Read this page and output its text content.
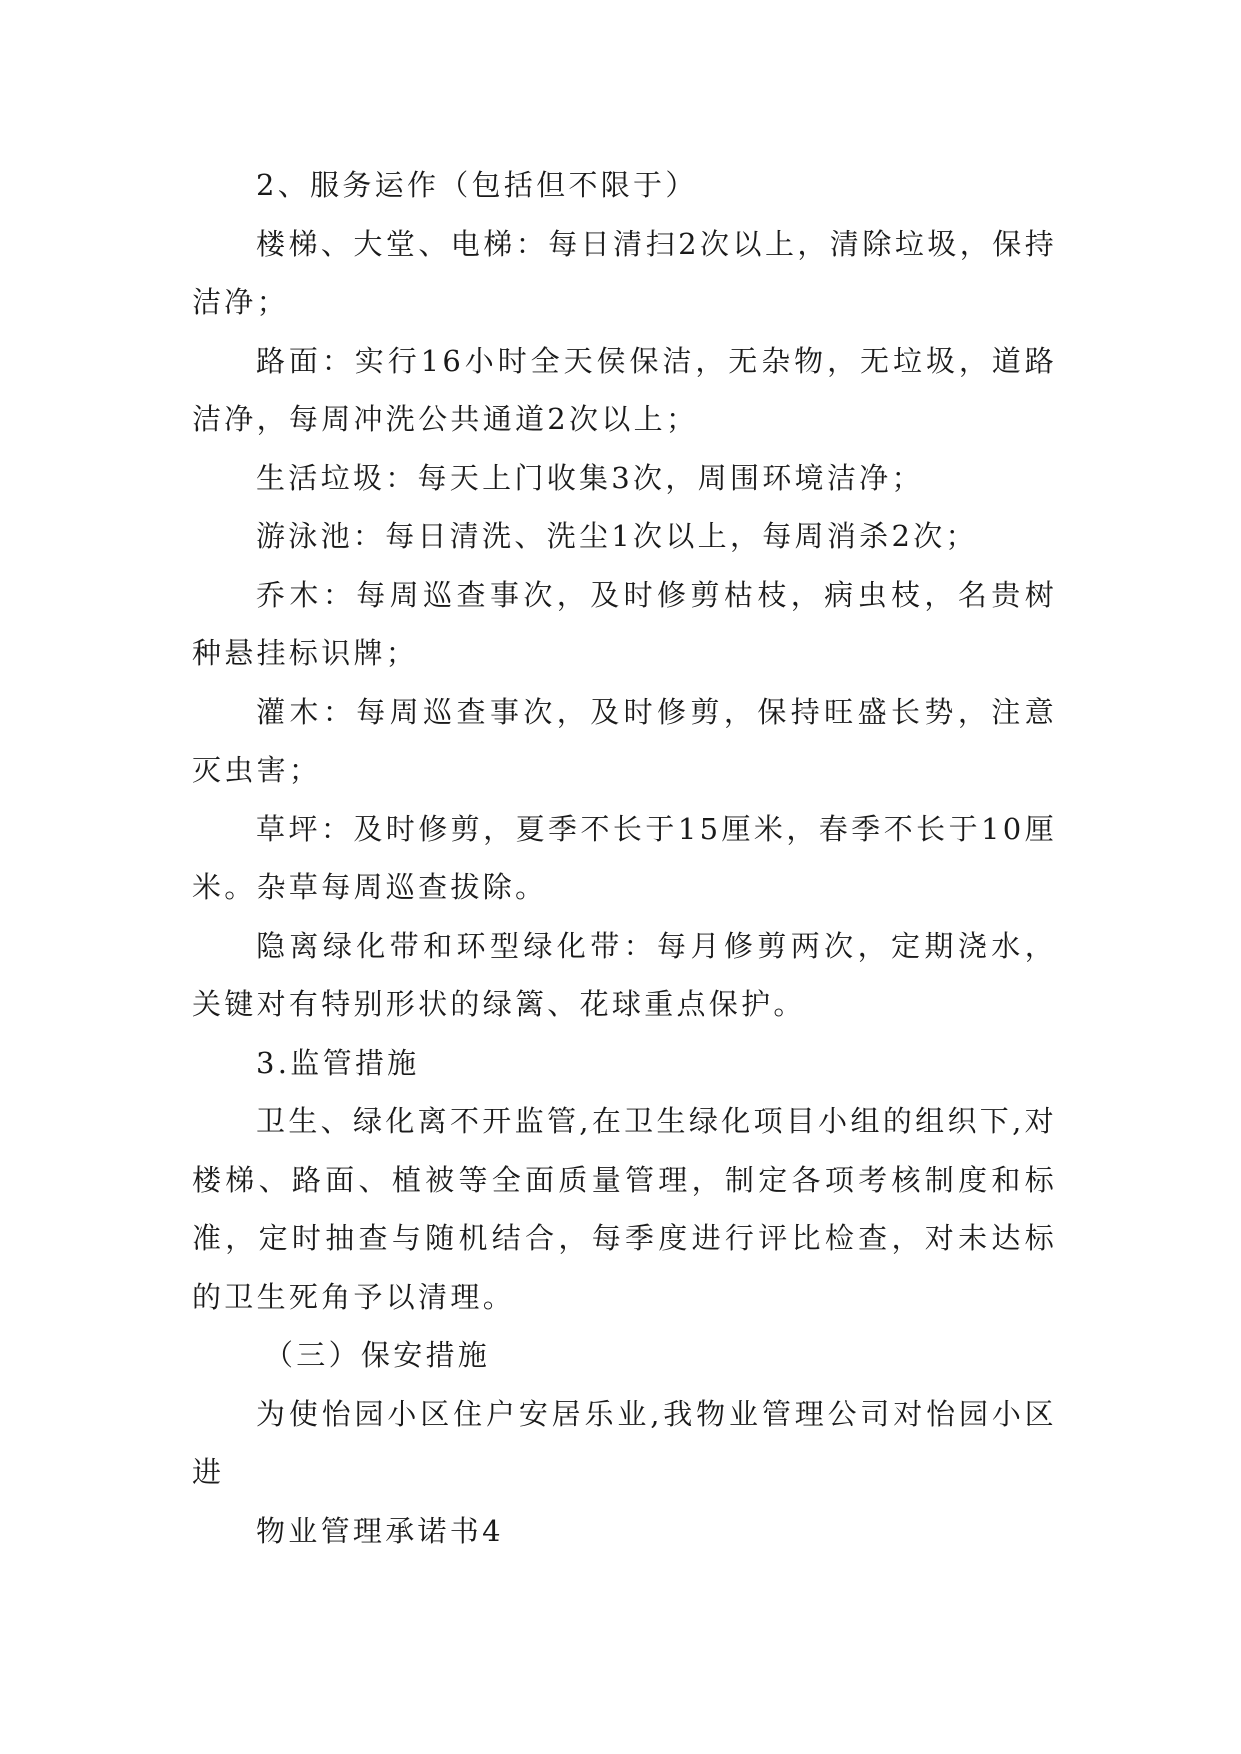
2、服务运作（包括但不限于）

楼梯、大堂、电梯：每日清扫2次以上，清除垃圾，保持洁净；

路面：实行16小时全天侯保洁，无杂物，无垃圾，道路洁净，每周冲洗公共通道2次以上；

生活垃圾：每天上门收集3次，周围环境洁净；

游泳池：每日清洗、洗尘1次以上，每周消杀2次；

乔木：每周巡查事次，及时修剪枯枝，病虫枝，名贵树种悬挂标识牌；

灌木：每周巡查事次，及时修剪，保持旺盛长势，注意灭虫害；

草坪：及时修剪，夏季不长于15厘米，春季不长于10厘米。杂草每周巡查拔除。

隐离绿化带和环型绿化带：每月修剪两次，定期浇水，关键对有特别形状的绿篱、花球重点保护。

3.监管措施

卫生、绿化离不开监管,在卫生绿化项目小组的组织下,对楼梯、路面、植被等全面质量管理，制定各项考核制度和标准，定时抽查与随机结合，每季度进行评比检查，对未达标的卫生死角予以清理。

（三）保安措施

为使怡园小区住户安居乐业,我物业管理公司对怡园小区进

物业管理承诺书4
